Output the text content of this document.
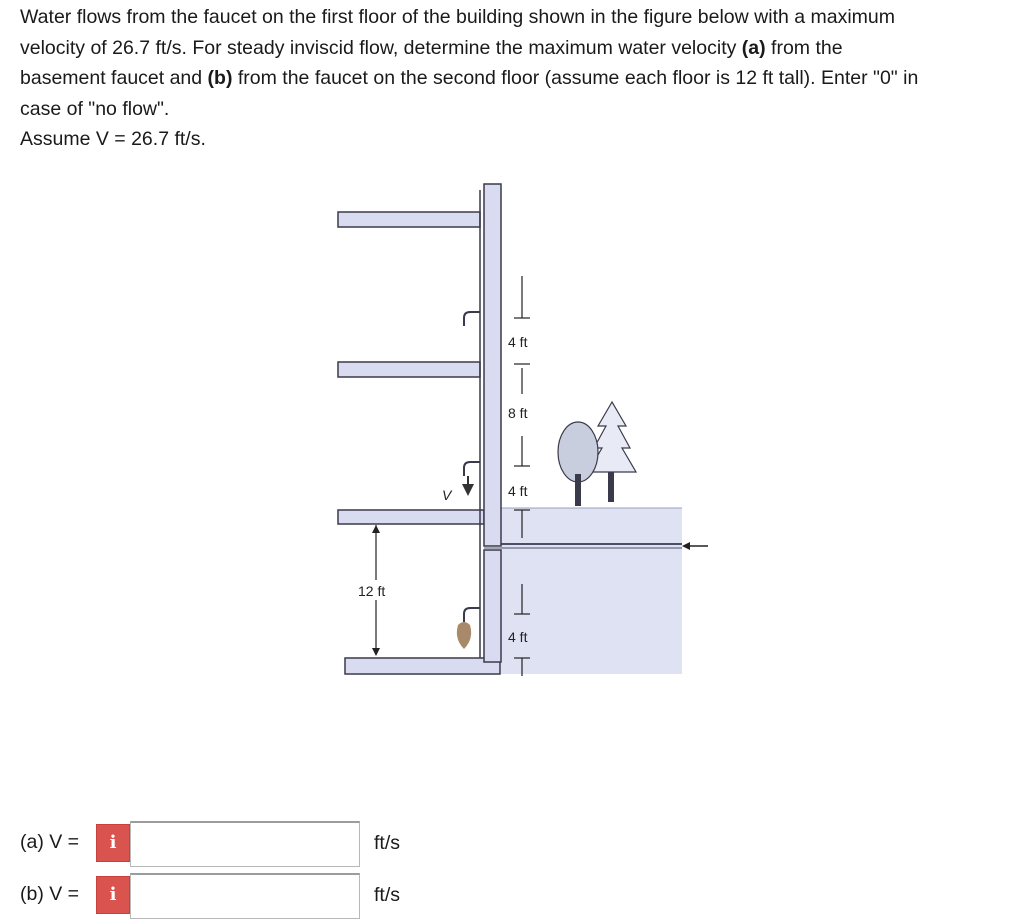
Water flows from the faucet on the first floor of the building shown in the figure below with a maximum

velocity of 26.7 ft/s. For steady inviscid flow, determine the maximum water velocity (a) from the

basement faucet and (b) from the faucet on the second floor (assume each floor is 12 ft tall). Enter "0" in

case of "no flow".

Assume V = 26.7 ft/s.

4 ft
8 ft
4 ft
4 ft
12 ft
V
(a) V =	i	ft/s
(b) V =	i	ft/s
